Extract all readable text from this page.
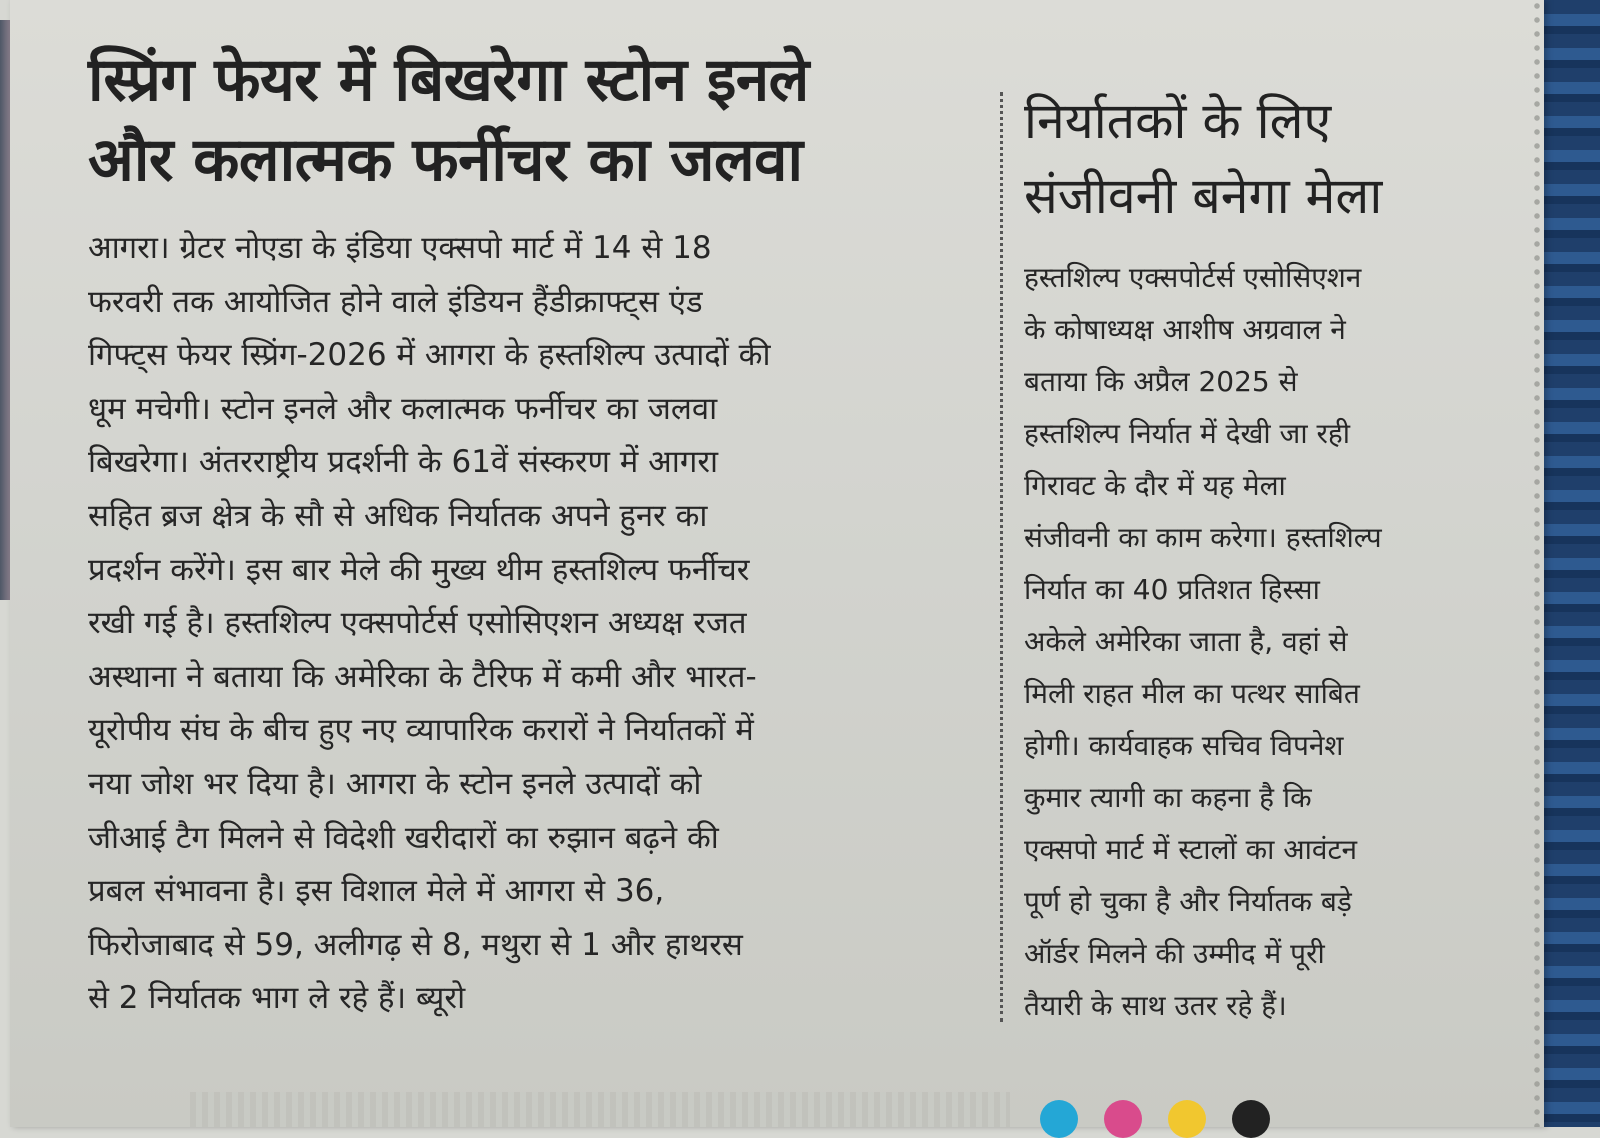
स्प्रिंग फेयर में बिखरेगा स्टोन इनले
और कलात्मक फर्नीचर का जलवा
आगरा। ग्रेटर नोएडा के इंडिया एक्सपो मार्ट में 14 से 18
फरवरी तक आयोजित होने वाले इंडियन हैंडीक्राफ्ट्स एंड
गिफ्ट्स फेयर स्प्रिंग-2026 में आगरा के हस्तशिल्प उत्पादों की
धूम मचेगी। स्टोन इनले और कलात्मक फर्नीचर का जलवा
बिखरेगा। अंतरराष्ट्रीय प्रदर्शनी के 61वें संस्करण में आगरा
सहित ब्रज क्षेत्र के सौ से अधिक निर्यातक अपने हुनर का
प्रदर्शन करेंगे। इस बार मेले की मुख्य थीम हस्तशिल्प फर्नीचर
रखी गई है। हस्तशिल्प एक्सपोर्टर्स एसोसिएशन अध्यक्ष रजत
अस्थाना ने बताया कि अमेरिका के टैरिफ में कमी और भारत-
यूरोपीय संघ के बीच हुए नए व्यापारिक करारों ने निर्यातकों में
नया जोश भर दिया है। आगरा के स्टोन इनले उत्पादों को
जीआई टैग मिलने से विदेशी खरीदारों का रुझान बढ़ने की
प्रबल संभावना है। इस विशाल मेले में आगरा से 36,
फिरोजाबाद से 59, अलीगढ़ से 8, मथुरा से 1 और हाथरस
से 2 निर्यातक भाग ले रहे हैं। ब्यूरो
निर्यातकों के लिए
संजीवनी बनेगा मेला
हस्तशिल्प एक्सपोर्टर्स एसोसिएशन
के कोषाध्यक्ष आशीष अग्रवाल ने
बताया कि अप्रैल 2025 से
हस्तशिल्प निर्यात में देखी जा रही
गिरावट के दौर में यह मेला
संजीवनी का काम करेगा। हस्तशिल्प
निर्यात का 40 प्रतिशत हिस्सा
अकेले अमेरिका जाता है, वहां से
मिली राहत मील का पत्थर साबित
होगी। कार्यवाहक सचिव विपनेश
कुमार त्यागी का कहना है कि
एक्सपो मार्ट में स्टालों का आवंटन
पूर्ण हो चुका है और निर्यातक बड़े
ऑर्डर मिलने की उम्मीद में पूरी
तैयारी के साथ उतर रहे हैं।
